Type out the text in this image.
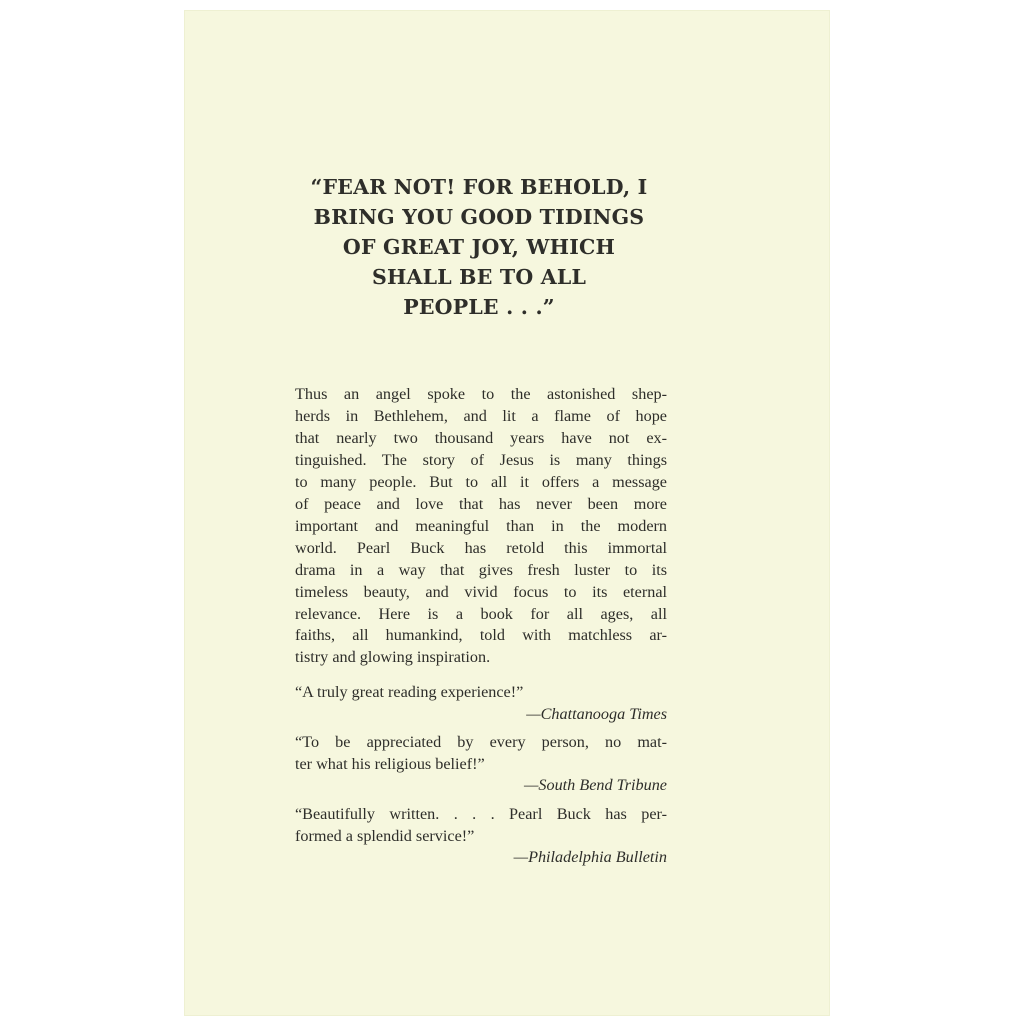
“FEAR NOT! FOR BEHOLD, I
BRING YOU GOOD TIDINGS
OF GREAT JOY, WHICH
SHALL BE TO ALL
PEOPLE . . .”
Thus an angel spoke to the astonished shep-
herds in Bethlehem, and lit a flame of hope
that nearly two thousand years have not ex-
tinguished. The story of Jesus is many things
to many people. But to all it offers a message
of peace and love that has never been more
important and meaningful than in the modern
world. Pearl Buck has retold this immortal
drama in a way that gives fresh luster to its
timeless beauty, and vivid focus to its eternal
relevance. Here is a book for all ages, all
faiths, all humankind, told with matchless ar-
tistry and glowing inspiration.
“A truly great reading experience!”
—Chattanooga Times
“To be appreciated by every person, no mat-
ter what his religious belief!”
—South Bend Tribune
“Beautifully written. . . . Pearl Buck has per-
formed a splendid service!”
—Philadelphia Bulletin
